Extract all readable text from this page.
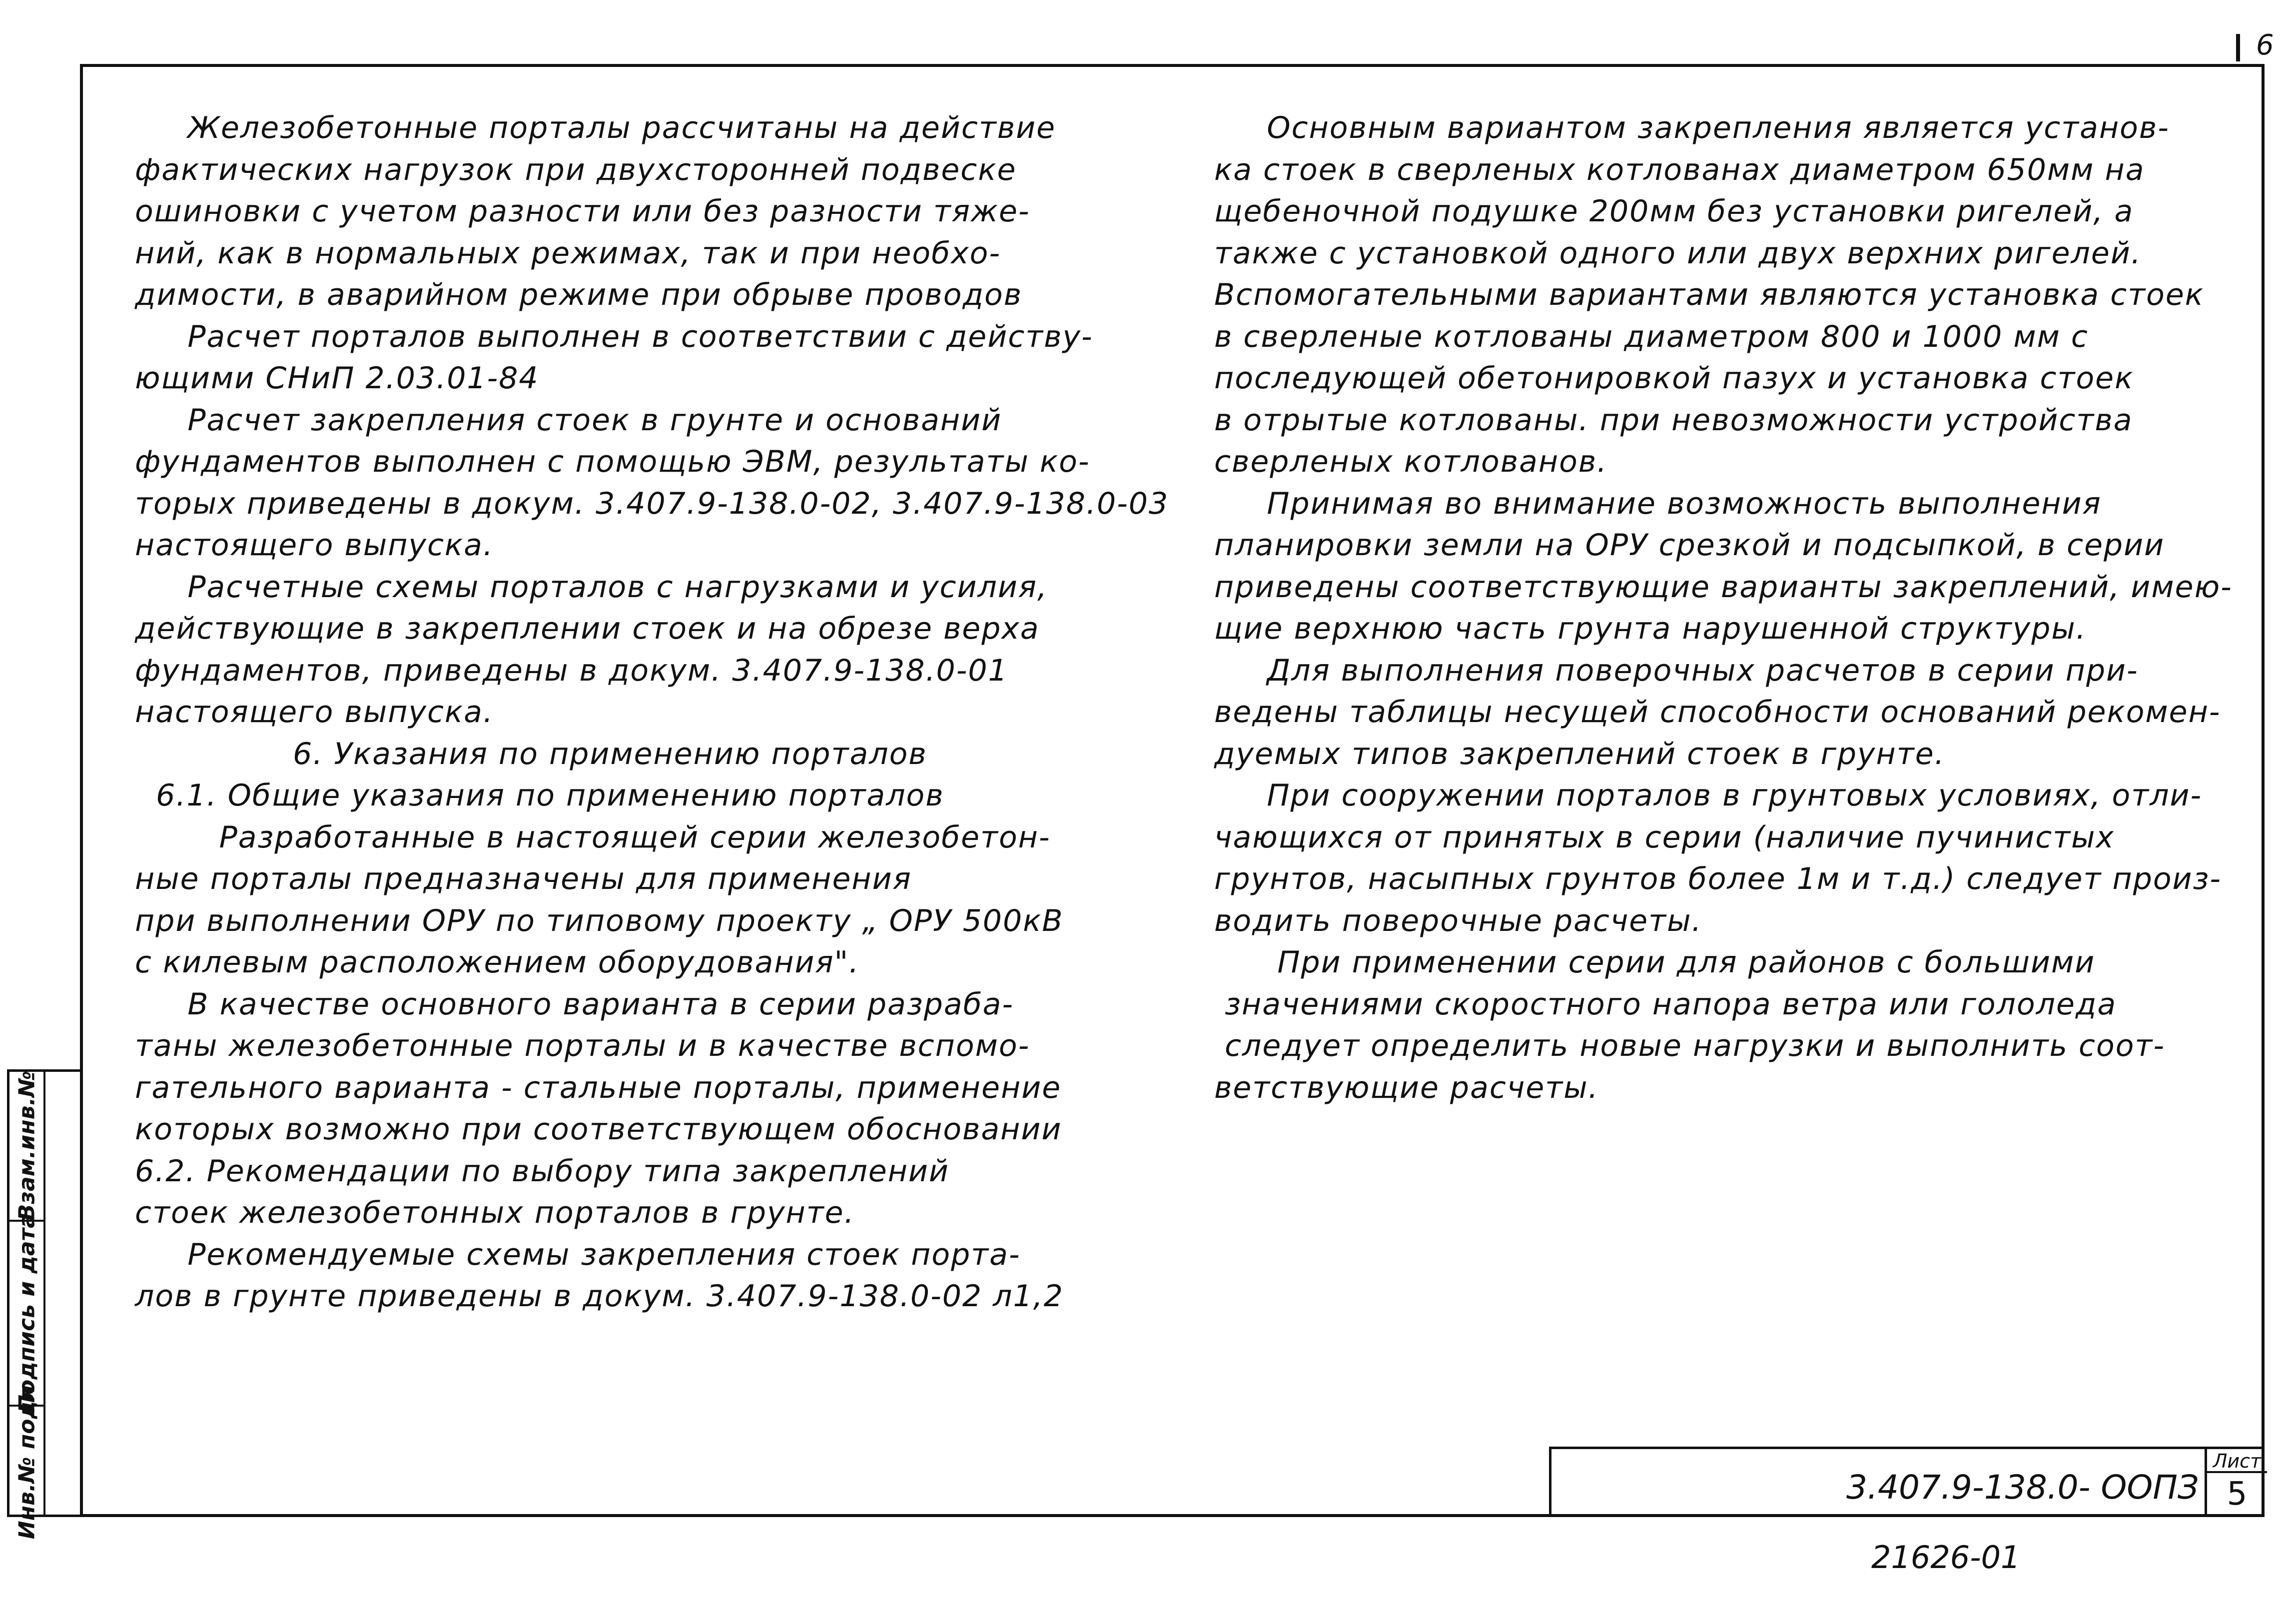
6
Железобетонные порталы рассчитаны на действие
фактических нагрузок при двухсторонней подвеске
ошиновки с учетом разности или без разности тяже-
ний, как в нормальных режимах, так и при необхо-
димости, в аварийном режиме при обрыве проводов
Расчет порталов выполнен в соответствии с действу-
ющими СНиП 2.03.01-84
Расчет закрепления стоек в грунте и оснований
фундаментов выполнен с помощью ЭВМ, результаты ко-
торых приведены в докум. 3.407.9-138.0-02, 3.407.9-138.0-03
настоящего выпуска.
Расчетные схемы порталов с нагрузками и усилия,
действующие в закреплении стоек и на обрезе верха
фундаментов, приведены в докум. 3.407.9-138.0-01
настоящего выпуска.
6. Указания по применению порталов
6.1. Общие указания по применению порталов
Разработанные в настоящей серии железобетон-
ные порталы предназначены для применения
при выполнении ОРУ по типовому проекту „ ОРУ 500кВ
с килевым расположением оборудования".
В качестве основного варианта в серии разраба-
таны железобетонные порталы и в качестве вспомо-
гательного варианта - стальные порталы, применение
которых возможно при соответствующем обосновании
6.2. Рекомендации по выбору типа закреплений
стоек железобетонных порталов в грунте.
Рекомендуемые схемы закрепления стоек порта-
лов в грунте приведены в докум. 3.407.9-138.0-02 л1,2
Основным вариантом закрепления является установ-
ка стоек в сверленых котлованах диаметром 650мм на
щебеночной подушке 200мм без установки ригелей, а
также с установкой одного или двух верхних ригелей.
Вспомогательными вариантами являются установка стоек
в сверленые котлованы диаметром 800 и 1000 мм с
последующей обетонировкой пазух и установка стоек
в отрытые котлованы. при невозможности устройства
сверленых котлованов.
Принимая во внимание возможность выполнения
планировки земли на ОРУ срезкой и подсыпкой, в серии
приведены соответствующие варианты закреплений, имею-
щие верхнюю часть грунта нарушенной структуры.
Для выполнения поверочных расчетов в серии при-
ведены таблицы несущей способности оснований рекомен-
дуемых типов закреплений стоек в грунте.
При сооружении порталов в грунтовых условиях, отли-
чающихся от принятых в серии (наличие пучинистых
грунтов, насыпных грунтов более 1м и т.д.) следует произ-
водить поверочные расчеты.
При применении серии для районов с большими
значениями скоростного напора ветра или гололеда
следует определить новые нагрузки и выполнить соот-
ветствующие расчеты.
Взам.инв.№
Подпись и дата
Инв.№ подл	3.407.9-138.0- ООПЗ
Лист
5
21626-01
